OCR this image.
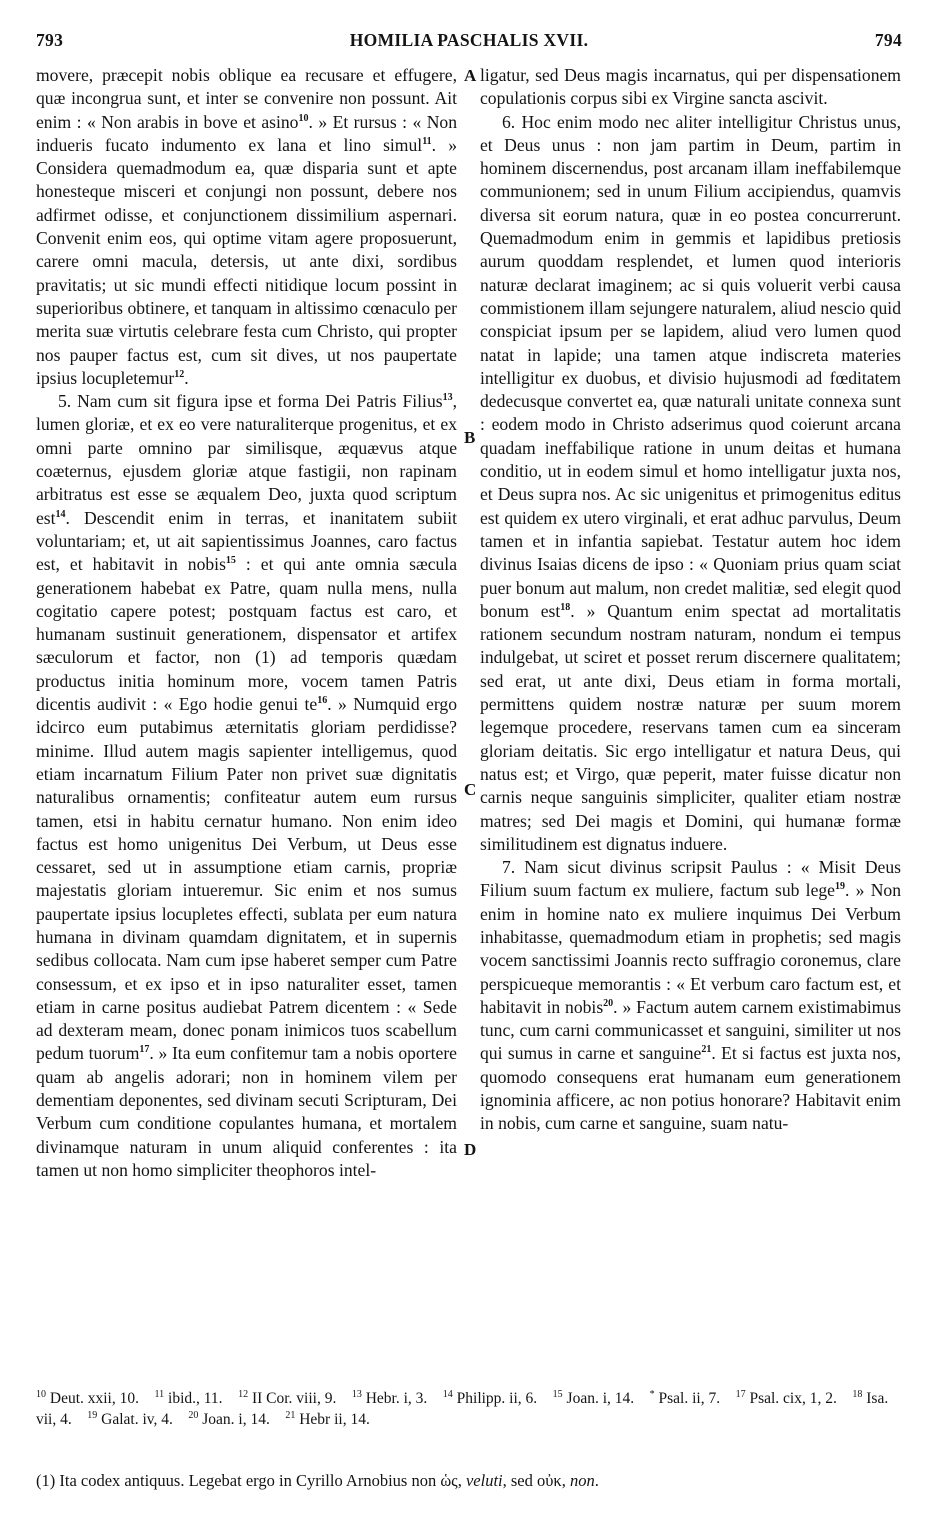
793	HOMILIA PASCHALIS XVII.	794

movere, præcepit nobis oblique ea recusare et effugere, quæ incongrua sunt, et inter se convenire non possunt. Ait enim : « Non arabis in bove et asino$^{10}$. » Et rursus : « Non indueris fucato indumento ex lana et lino simul$^{11}$. » Considera quemadmodum ea, quæ disparia sunt et apte honesteque misceri et conjungi non possunt, debere nos adfirmet odisse, et conjunctionem dissimilium aspernari. Convenit enim eos, qui optime vitam agere proposuerunt, carere omni macula, detersis, ut ante dixi, sordibus pravitatis; ut sic mundi effecti nitidique locum possint in superioribus obtinere, et tanquam in altissimo cœnaculo per merita suæ virtutis celebrare festa cum Christo, qui propter nos pauper factus est, cum sit dives, ut nos paupertate ipsius locupletemur$^{12}$.

5. Nam cum sit figura ipse et forma Dei Patris Filius$^{13}$, lumen gloriæ, et ex eo vere naturaliterque progenitus, et ex omni parte omnino par similisque, æquævus atque coæternus, ejusdem gloriæ atque fastigii, non rapinam arbitratus est esse se æqualem Deo, juxta quod scriptum est$^{14}$. Descendit enim in terras, et inanitatem subiit voluntariam; et, ut ait sapientissimus Joannes, caro factus est, et habitavit in nobis$^{15}$ : et qui ante omnia sæcula generationem habebat ex Patre, quam nulla mens, nulla cogitatio capere potest; postquam factus est caro, et humanam sustinuit generationem, dispensator et artifex sæculorum et factor, non (1) ad temporis quædam productus initia hominum more, vocem tamen Patris dicentis audivit : « Ego hodie genui te$^{16}$. » Numquid ergo idcirco eum putabimus æternitatis gloriam perdidisse? minime. Illud autem magis sapienter intelligemus, quod etiam incarnatum Filium Pater non privet suæ dignitatis naturalibus ornamentis; confiteatur autem eum rursus tamen, etsi in habitu cernatur humano. Non enim ideo factus est homo unigenitus Dei Verbum, ut Deus esse cessaret, sed ut in assumptione etiam carnis, propriæ majestatis gloriam intueremur. Sic enim et nos sumus paupertate ipsius locupletes effecti, sublata per eum natura humana in divinam quamdam dignitatem, et in supernis sedibus collocata. Nam cum ipse haberet semper cum Patre consessum, et ex ipso et in ipso naturaliter esset, tamen etiam in carne positus audiebat Patrem dicentem : « Sede ad dexteram meam, donec ponam inimicos tuos scabellum pedum tuorum$^{17}$. » Ita eum confitemur tam a nobis oportere quam ab angelis adorari; non in hominem vilem per dementiam deponentes, sed divinam secuti Scripturam, Dei Verbum cum conditione copulantes humana, et mortalem divinamque naturam in unum aliquid conferentes : ita tamen ut non homo simpliciter theophoros intel-

A
B
C
D

ligatur, sed Deus magis incarnatus, qui per dispensationem copulationis corpus sibi ex Virgine sancta ascivit.

6. Hoc enim modo nec aliter intelligitur Christus unus, et Deus unus : non jam partim in Deum, partim in hominem discernendus, post arcanam illam ineffabilemque communionem; sed in unum Filium accipiendus, quamvis diversa sit eorum natura, quæ in eo postea concurrerunt. Quemadmodum enim in gemmis et lapidibus pretiosis aurum quoddam resplendet, et lumen quod interioris naturæ declarat imaginem; ac si quis voluerit verbi causa commistionem illam sejungere naturalem, aliud nescio quid conspiciat ipsum per se lapidem, aliud vero lumen quod natat in lapide; una tamen atque indiscreta materies intelligitur ex duobus, et divisio hujusmodi ad fœditatem dedecusque convertet ea, quæ naturali unitate connexa sunt : eodem modo in Christo adserimus quod coierunt arcana quadam ineffabilique ratione in unum deitas et humana conditio, ut in eodem simul et homo intelligatur juxta nos, et Deus supra nos. Ac sic unigenitus et primogenitus editus est quidem ex utero virginali, et erat adhuc parvulus, Deum tamen et in infantia sapiebat. Testatur autem hoc idem divinus Isaias dicens de ipso : « Quoniam prius quam sciat puer bonum aut malum, non credet malitiæ, sed elegit quod bonum est$^{18}$. » Quantum enim spectat ad mortalitatis rationem secundum nostram naturam, nondum ei tempus indulgebat, ut sciret et posset rerum discernere qualitatem; sed erat, ut ante dixi, Deus etiam in forma mortali, permittens quidem nostræ naturæ per suum morem legemque procedere, reservans tamen cum ea sinceram gloriam deitatis. Sic ergo intelligatur et natura Deus, qui natus est; et Virgo, quæ peperit, mater fuisse dicatur non carnis neque sanguinis simpliciter, qualiter etiam nostræ matres; sed Dei magis et Domini, qui humanæ formæ similitudinem est dignatus induere.

7. Nam sicut divinus scripsit Paulus : « Misit Deus Filium suum factum ex muliere, factum sub lege$^{19}$. » Non enim in homine nato ex muliere inquimus Dei Verbum inhabitasse, quemadmodum etiam in prophetis; sed magis vocem sanctissimi Joannis recto suffragio coronemus, clare perspicueque memorantis : « Et verbum caro factum est, et habitavit in nobis$^{20}$. » Factum autem carnem existimabimus tunc, cum carni communicasset et sanguini, similiter ut nos qui sumus in carne et sanguine$^{21}$. Et si factus est juxta nos, quomodo consequens erat humanam eum generationem ignominia afficere, ac non potius honorare? Habitavit enim in nobis, cum carne et sanguine, suam natu-

$^{10}$ Deut. xxii, 10. $^{11}$ ibid., 11. $^{12}$ II Cor. viii, 9. $^{13}$ Hebr. i, 3. $^{14}$ Philipp. ii, 6. $^{15}$ Joan. i, 14. * Psal. ii, 7. $^{17}$ Psal. cix, 1, 2. $^{18}$ Isa. vii, 4. $^{19}$ Galat. iv, 4. $^{20}$ Joan. i, 14. $^{21}$ Hebr ii, 14.
(1) Ita codex antiquus. Legebat ergo in Cyrillo Arnobius non ὡς, veluti, sed οὐκ, non.
